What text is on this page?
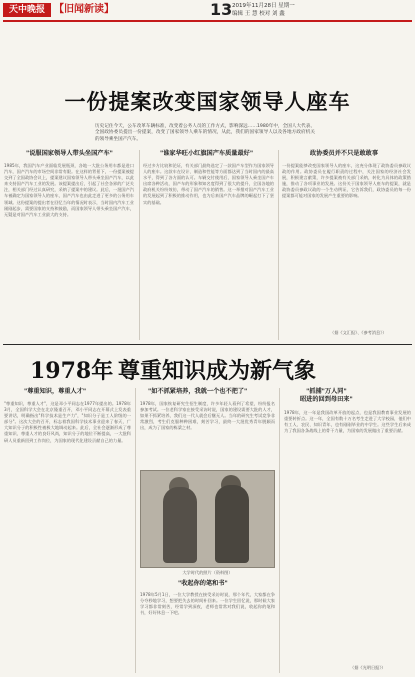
天中晚报 【旧闻新读】	13 2019年11月28日 星期一
编辑 王 慧 校对 刘 鑫
一份提案改变国家领导人座车
历史记住今天，公车改革车辆标准，改变着公务人员的工作方式，影响深远……1980年中，全国人大代表、全国政协委员提出一份提案，改变了国家领导人乘车的情况，从此，我们的国家领导人以及各地方政府机关的领导乘坐国产汽车。
"说服国家领导人带头坐国产车"
1985年，我国汽车产业面临发展瓶颈，各地一大批公务用车都是进口汽车，国产汽车的市场空间非常有限。在这样的背景下，一份提案被提交到了全国政协会议上，提案建议国家领导人带头乘坐国产汽车，以此来支持国产汽车工业的发展。该提案提出后，引起了社会各界的广泛关注，相关部门经过认真研究，采纳了提案中的建议。此后，一批国产汽车被确定为国家领导人的座车，国产汽车也由此走进了更多的公务用车领域。这份提案的提出者在回忆当年的情况时表示，当时国内汽车工业刚刚起步，需要国家的支持和鼓励，而国家领导人带头乘坐国产汽车，无疑是对国产汽车工业最大的支持。
"谁家华旺小红旗国产车质量最好"
经过多方比较和论证，有关部门最终选定了一款国产车型作为国家领导人的座车。这款车在设计、制造和性能等方面都达到了当时国内的最高水平，得到了各方面的认可。车辆交付使用后，国家领导人乘坐国产车出席各种活动，国产车的形象和知名度得到了很大的提升，全国各地的政府机关纷纷效仿，带动了国产汽车的销售。这一举措对国产汽车工业的发展起到了积极的推动作用，也为后来国产汽车品牌的崛起打下了坚实的基础。
政协委员并不只是敢敢事
一份提案能够改变国家领导人的座车，这充分体现了政协委员参政议政的作用。政协委员在履行职责的过程中，关注国家的经济社会发展，积极建言献策，许多提案被有关部门采纳，转化为具体的政策措施，推动了各项事业的发展。这份关于国家领导人座车的提案，就是政协委员参政议政的一个生动例证，它告诉我们，政协委员的每一份提案都可能对国家的发展产生重要的影响。
（据《文汇报》、《参考消息》）
1978年 尊重知识成为新气象
"尊重知识，尊重人才"
"尊重知识，尊重人才"，这是邓小平同志在1977年提出的。1978年3月，全国科学大会在北京隆重召开，邓小平同志在开幕式上发表重要讲话，明确指出"科学技术是生产力"，"知识分子是工人阶级的一部分"。这次大会的召开，标志着我国科学技术事业迎来了春天，广大知识分子的积极性被极大地调动起来。此后，全社会逐渐形成了尊重知识、尊重人才的良好风尚，知识分子的地位不断提高，一大批科研人员重新回到工作岗位，为国家的现代化建设贡献自己的力量。
"如不抓紧培养，我就一个也不把了"
1978年，国家恢复研究生招生制度，许多年轻人看到了希望，纷纷报名参加考试。一位老科学家在接受采访时说，国家的建设需要大批的人才，如果不抓紧培养，我们这一代人就会后继无人。当年的研究生考试竞争非常激烈，考生们克服种种困难，刻苦学习，最终一大批优秀青年脱颖而出，成为了国家的栋梁之材。
大学时代的照片（资料图）
"收起你的笔和书"
1978年5月1日，一位大学教授在接受采访时说，那个年代，大家都在争分夺秒地学习，想要把失去的时间补回来。一位学生回忆说，那时候大家学习都非常刻苦，经常学到深夜，老师也常常对我们说，收起你的笔和书，好好休息一下吧。
"抓捕"万人同"
昭进的回到母田来"
1978年，这一年是我国改革开放的起点，也是我国教育事业发展的重要转折点。这一年，全国有数十万名考生走进了大学校园，他们中有工人、农民、知识青年，也有刚刚毕业的中学生。这些学生后来成为了我国各条战线上的骨干力量，为国家的发展做出了重要贡献。
（据《光明日报》）
